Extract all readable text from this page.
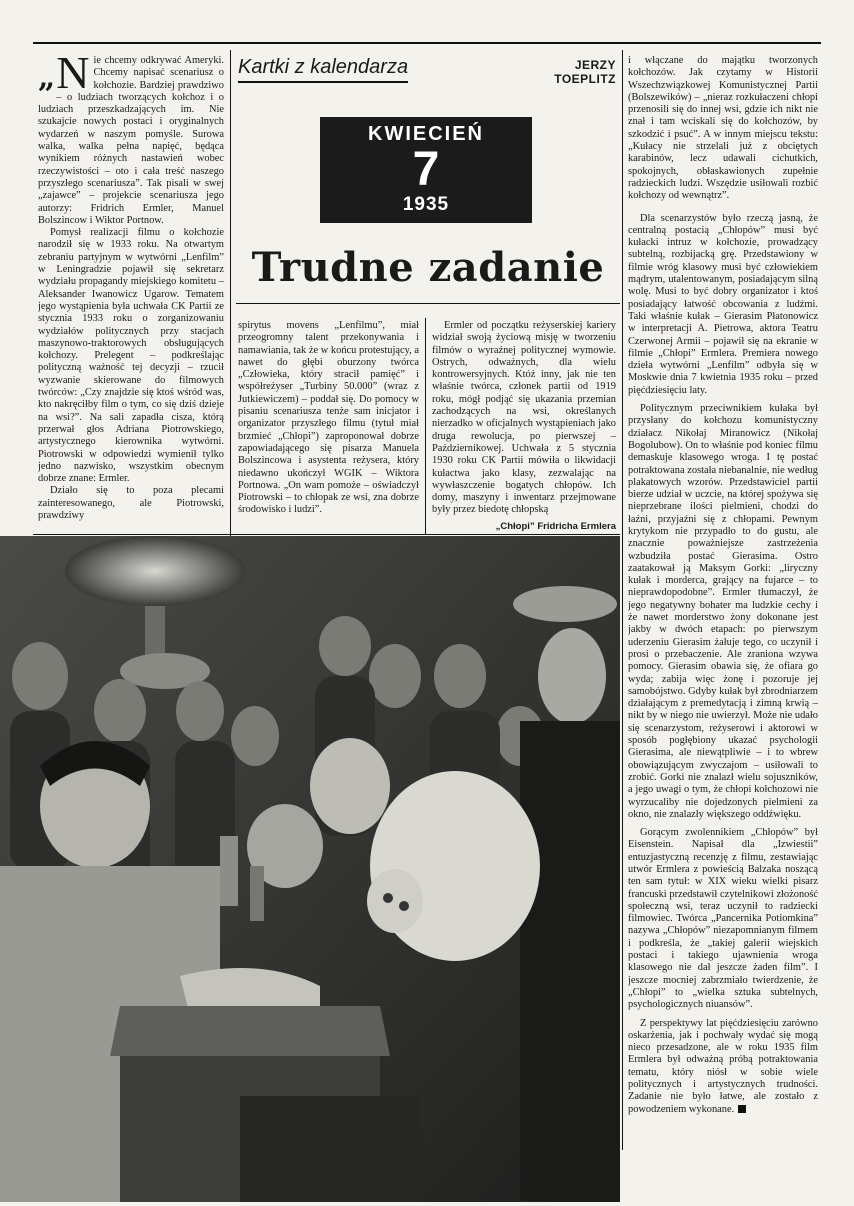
„ N ie chcemy odkrywać Ameryki. Chcemy napisać scenariusz o kołchozie. Bardziej prawdziwo – o ludziach tworzących kołchoz i o ludziach przeszkadzających im. Nie szukajcie nowych postaci i oryginalnych wydarzeń w naszym pomyśle. Surowa walka, walka pełna napięć, będąca wynikiem różnych nastawień wobec rzeczywistości – oto i cała treść naszego przyszłego scenariusza”. Tak pisali w swej „zajawce” – projekcie scenariusza jego autorzy: Fridrich Ermler, Manuel Bolszincow i Wiktor Portnow.

Pomysł realizacji filmu o kołchozie narodził się w 1933 roku. Na otwartym zebraniu partyjnym w wytwórni „Lenfilm” w Leningradzie pojawił się sekretarz wydziału propagandy miejskiego komitetu – Aleksander Iwanowicz Ugarow. Tematem jego wystąpienia była uchwała CK Partii ze stycznia 1933 roku o zorganizowaniu wydziałów politycznych przy stacjach maszynowo-traktorowych obsługujących kołchozy. Prelegent – podkreślając polityczną ważność tej decyzji – rzucił wyzwanie skierowane do filmowych twórców: „Czy znajdzie się ktoś wśród was, kto nakręciłby film o tym, co się dziś dzieje na wsi?”. Na sali zapadła cisza, którą przerwał głos Adriana Piotrowskiego, artystycznego kierownika wytwórni. Piotrowski w odpowiedzi wymienił tylko jedno nazwisko, wszystkim obecnym dobrze znane: Ermler.

Działo się to poza plecami zainteresowanego, ale Piotrowski, prawdziwy

Kartki z kalendarza	JERZY TOEPLITZ
KWIECIEŃ
7
1935
Trudne zadanie

spirytus movens „Lenfilmu”, miał przeogromny talent przekonywania i namawiania, tak że w końcu protestujący, a nawet do głębi oburzony twórca „Człowieka, który stracił pamięć” i współreżyser „Turbiny 50.000” (wraz z Jutkiewiczem) – poddał się. Do pomocy w pisaniu scenariusza tenże sam inicjator i organizator przyszłego filmu (tytuł miał brzmieć „Chłopi”) zaproponował dobrze zapowiadającego się pisarza Manuela Bolszincowa i asystenta reżysera, który niedawno ukończył WGIK – Wiktora Portnowa. „On wam pomoże – oświadczył Piotrowski – to chłopak ze wsi, zna dobrze środowisko i ludzi”.

Ermler od początku reżyserskiej kariery widział swoją życiową misję w tworzeniu filmów o wyraźnej politycznej wymowie. Ostrych, odważnych, dla wielu kontrowersyjnych. Któż inny, jak nie ten właśnie twórca, członek partii od 1919 roku, mógł podjąć się ukazania przemian zachodzących na wsi, określanych nierzadko w oficjalnych wystąpieniach jako druga rewolucja, po pierwszej – Październikowej. Uchwała z 5 stycznia 1930 roku CK Partii mówiła o likwidacji kułactwa jako klasy, zezwalając na wywłaszczenie bogatych chłopów. Ich domy, maszyny i inwentarz przejmowane były przez biedotę chłopską

„Chłopi” Fridricha Ermlera

i włączane do majątku tworzonych kołchozów. Jak czytamy w Historii Wszechzwiązkowej Komunistycznej Partii (Bolszewików) – „nieraz rozkułaczeni chłopi przenosili się do innej wsi, gdzie ich nikt nie znał i tam wciskali się do kołchozów, by szkodzić i psuć”. A w innym miejscu tekstu: „Kułacy nie strzelali już z obciętych karabinów, lecz udawali cichutkich, spokojnych, obłaskawionych zupełnie radzieckich ludzi. Wszędzie usiłowali rozbić kołchozy od wewnątrz”.

Dla scenarzystów było rzeczą jasną, że centralną postacią „Chłopów” musi być kułacki intruz w kołchozie, prowadzący subtelną, rozbijacką grę. Przedstawiony w filmie wróg klasowy musi być człowiekiem mądrym, utalentowanym, posiadającym silną wolę. Musi to być dobry organizator i ktoś posiadający łatwość obcowania z ludźmi. Taki właśnie kułak – Gierasim Płatonowicz w interpretacji A. Pietrowa, aktora Teatru Czerwonej Armii – pojawił się na ekranie w filmie „Chłopi” Ermlera. Premiera nowego dzieła wytwórni „Lenfilm” odbyła się w Moskwie dnia 7 kwietnia 1935 roku – przed pięćdziesięciu laty.

Politycznym przeciwnikiem kułaka był przysłany do kołchozu komunistyczny działacz Nikołaj Miranowicz (Nikołaj Bogolubow). On to właśnie pod koniec filmu demaskuje klasowego wroga. I tę postać potraktowana została niebanalnie, nie według plakatowych wzorów. Przedstawiciel partii bierze udział w uczcie, na której spożywa się nieprzebrane ilości pielmieni, chodzi do łaźni, przyjaźni się z chłopami. Pewnym krytykom nie przypadło to do gustu, ale znacznie poważniejsze zastrzeżenia wzbudziła postać Gierasima. Ostro zaatakował ją Maksym Gorki: „liryczny kułak i morderca, grający na fujarce – to nieprawdopodobne”. Ermler tłumaczył, że jego negatywny bohater ma ludzkie cechy i że nawet morderstwo żony dokonane jest jakby w dwóch etapach: po pierwszym uderzeniu Gierasim żałuje tego, co uczynił i prosi o przebaczenie. Ale zraniona wzywa pomocy. Gierasim obawia się, że ofiara go wyda; zabija więc żonę i pozoruje jej samobójstwo. Gdyby kułak był zbrodniarzem działającym z premedytacją i zimną krwią – nikt by w niego nie uwierzył. Może nie udało się scenarzystom, reżyserowi i aktorowi w sposób pogłębiony ukazać psychologii Gierasima, ale niewątpliwie – i to wbrew obowiązującym zwyczajom – usiłowali to zrobić. Gorki nie znalazł wielu sojuszników, a jego uwagi o tym, że chłopi kołchozowi nie wyrzucaliby nie dojedzonych pielmieni za okno, nie znalazły większego oddźwięku.

Gorącym zwolennikiem „Chłopów” był Eisenstein. Napisał dla „Izwiestii” entuzjastyczną recenzję z filmu, zestawiając utwór Ermlera z powieścią Balzaka noszącą ten sam tytuł: w XIX wieku wielki pisarz francuski przedstawił czytelnikowi złożoność społeczną wsi, teraz uczynił to radziecki filmowiec. Twórca „Pancernika Potiomkina” nazywa „Chłopów” niezapomnianym filmem i podkreśla, że „takiej galerii wiejskich postaci i takiego ujawnienia wroga klasowego nie dał jeszcze żaden film”. I jeszcze mocniej zabrzmiało twierdzenie, że „Chłopi” to „wielka sztuka subtelnych, psychologicznych niuansów”.

Z perspektywy lat pięćdziesięciu zarówno oskarżenia, jak i pochwały wydać się mogą nieco przesadzone, ale w roku 1935 film Ermlera był odważną próbą potraktowania tematu, który niósł w sobie wiele politycznych i artystycznych trudności. Zadanie nie było łatwe, ale zostało z powodzeniem wykonane.
